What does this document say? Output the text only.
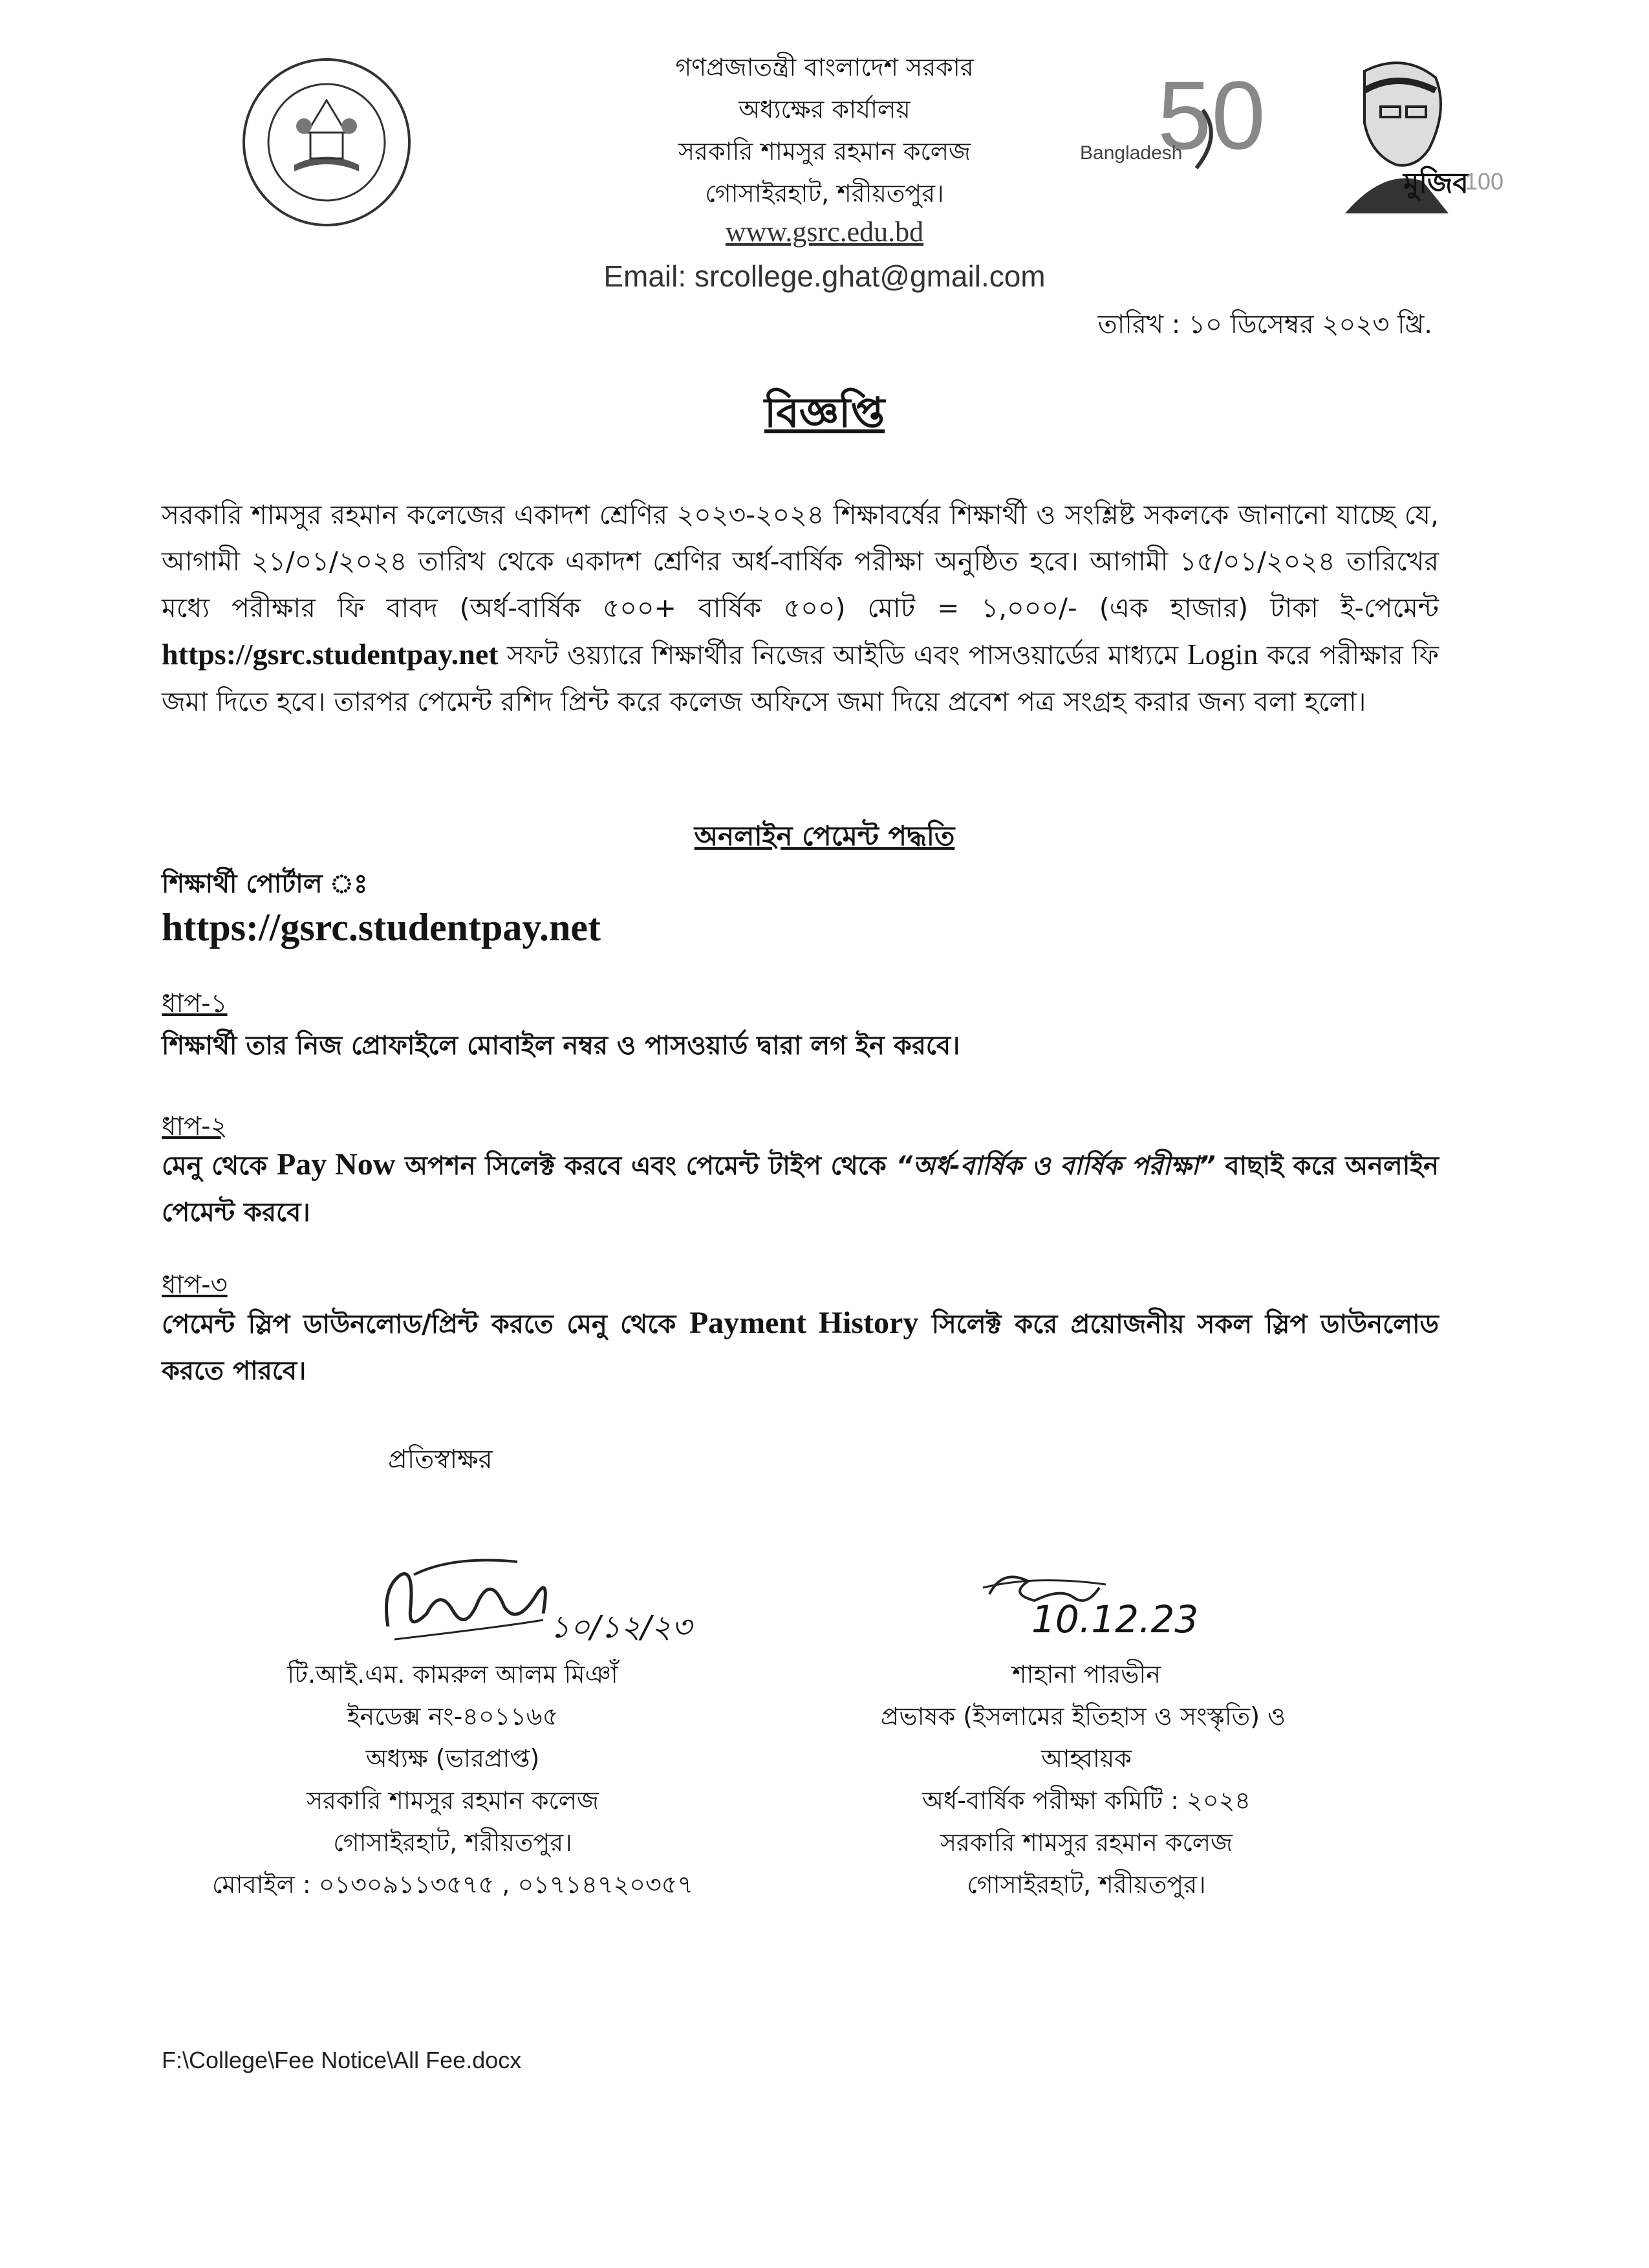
50
Bangladesh
মুজিব
100
গণপ্রজাতন্ত্রী বাংলাদেশ সরকার
অধ্যক্ষের কার্যালয়
সরকারি শামসুর রহমান কলেজ
গোসাইরহাট, শরীয়তপুর।
www.gsrc.edu.bd
Email: srcollege.ghat@gmail.com
তারিখ : ১০ ডিসেম্বর ২০২৩ খ্রি.
বিজ্ঞপ্তি
সরকারি শামসুর রহমান কলেজের একাদশ শ্রেণির ২০২৩-২০২৪ শিক্ষাবর্ষের শিক্ষার্থী ও সংশ্লিষ্ট সকলকে জানানো যাচ্ছে যে, আগামী ২১/০১/২০২৪ তারিখ থেকে একাদশ শ্রেণির অর্ধ-বার্ষিক পরীক্ষা অনুষ্ঠিত হবে। আগামী ১৫/০১/২০২৪ তারিখের মধ্যে পরীক্ষার ফি বাবদ (অর্ধ-বার্ষিক ৫০০+ বার্ষিক ৫০০) মোট = ১,০০০/- (এক হাজার) টাকা ই-পেমেন্ট https://gsrc.studentpay.net সফট ওয়্যারে শিক্ষার্থীর নিজের আইডি এবং পাসওয়ার্ডের মাধ্যমে Login করে পরীক্ষার ফি জমা দিতে হবে। তারপর পেমেন্ট রশিদ প্রিন্ট করে কলেজ অফিসে জমা দিয়ে প্রবেশ পত্র সংগ্রহ করার জন্য বলা হলো।
অনলাইন পেমেন্ট পদ্ধতি
শিক্ষার্থী পোর্টাল ঃ
https://gsrc.studentpay.net
ধাপ-১
শিক্ষার্থী তার নিজ প্রোফাইলে মোবাইল নম্বর ও পাসওয়ার্ড দ্বারা লগ ইন করবে।
ধাপ-২
মেনু থেকে Pay Now অপশন সিলেক্ট করবে এবং পেমেন্ট টাইপ থেকে “অর্ধ-বার্ষিক ও বার্ষিক পরীক্ষা” বাছাই করে অনলাইন পেমেন্ট করবে।
ধাপ-৩
পেমেন্ট স্লিপ ডাউনলোড/প্রিন্ট করতে মেনু থেকে Payment History সিলেক্ট করে প্রয়োজনীয় সকল স্লিপ ডাউনলোড করতে পারবে।
প্রতিস্বাক্ষর
১০/১২/২৩	10.12.23
টি.আই.এম. কামরুল আলম মিঞাঁ
ইনডেক্স নং-৪০১১৬৫
অধ্যক্ষ (ভারপ্রাপ্ত)
সরকারি শামসুর রহমান কলেজ
গোসাইরহাট, শরীয়তপুর।
মোবাইল : ০১৩০৯১১৩৫৭৫ , ০১৭১৪৭২০৩৫৭
শাহানা পারভীন
প্রভাষক (ইসলামের ইতিহাস ও সংস্কৃতি) ও
আহ্বায়ক
অর্ধ-বার্ষিক পরীক্ষা কমিটি : ২০২৪
সরকারি শামসুর রহমান কলেজ
গোসাইরহাট, শরীয়তপুর।
F:\College\Fee Notice\All Fee.docx
